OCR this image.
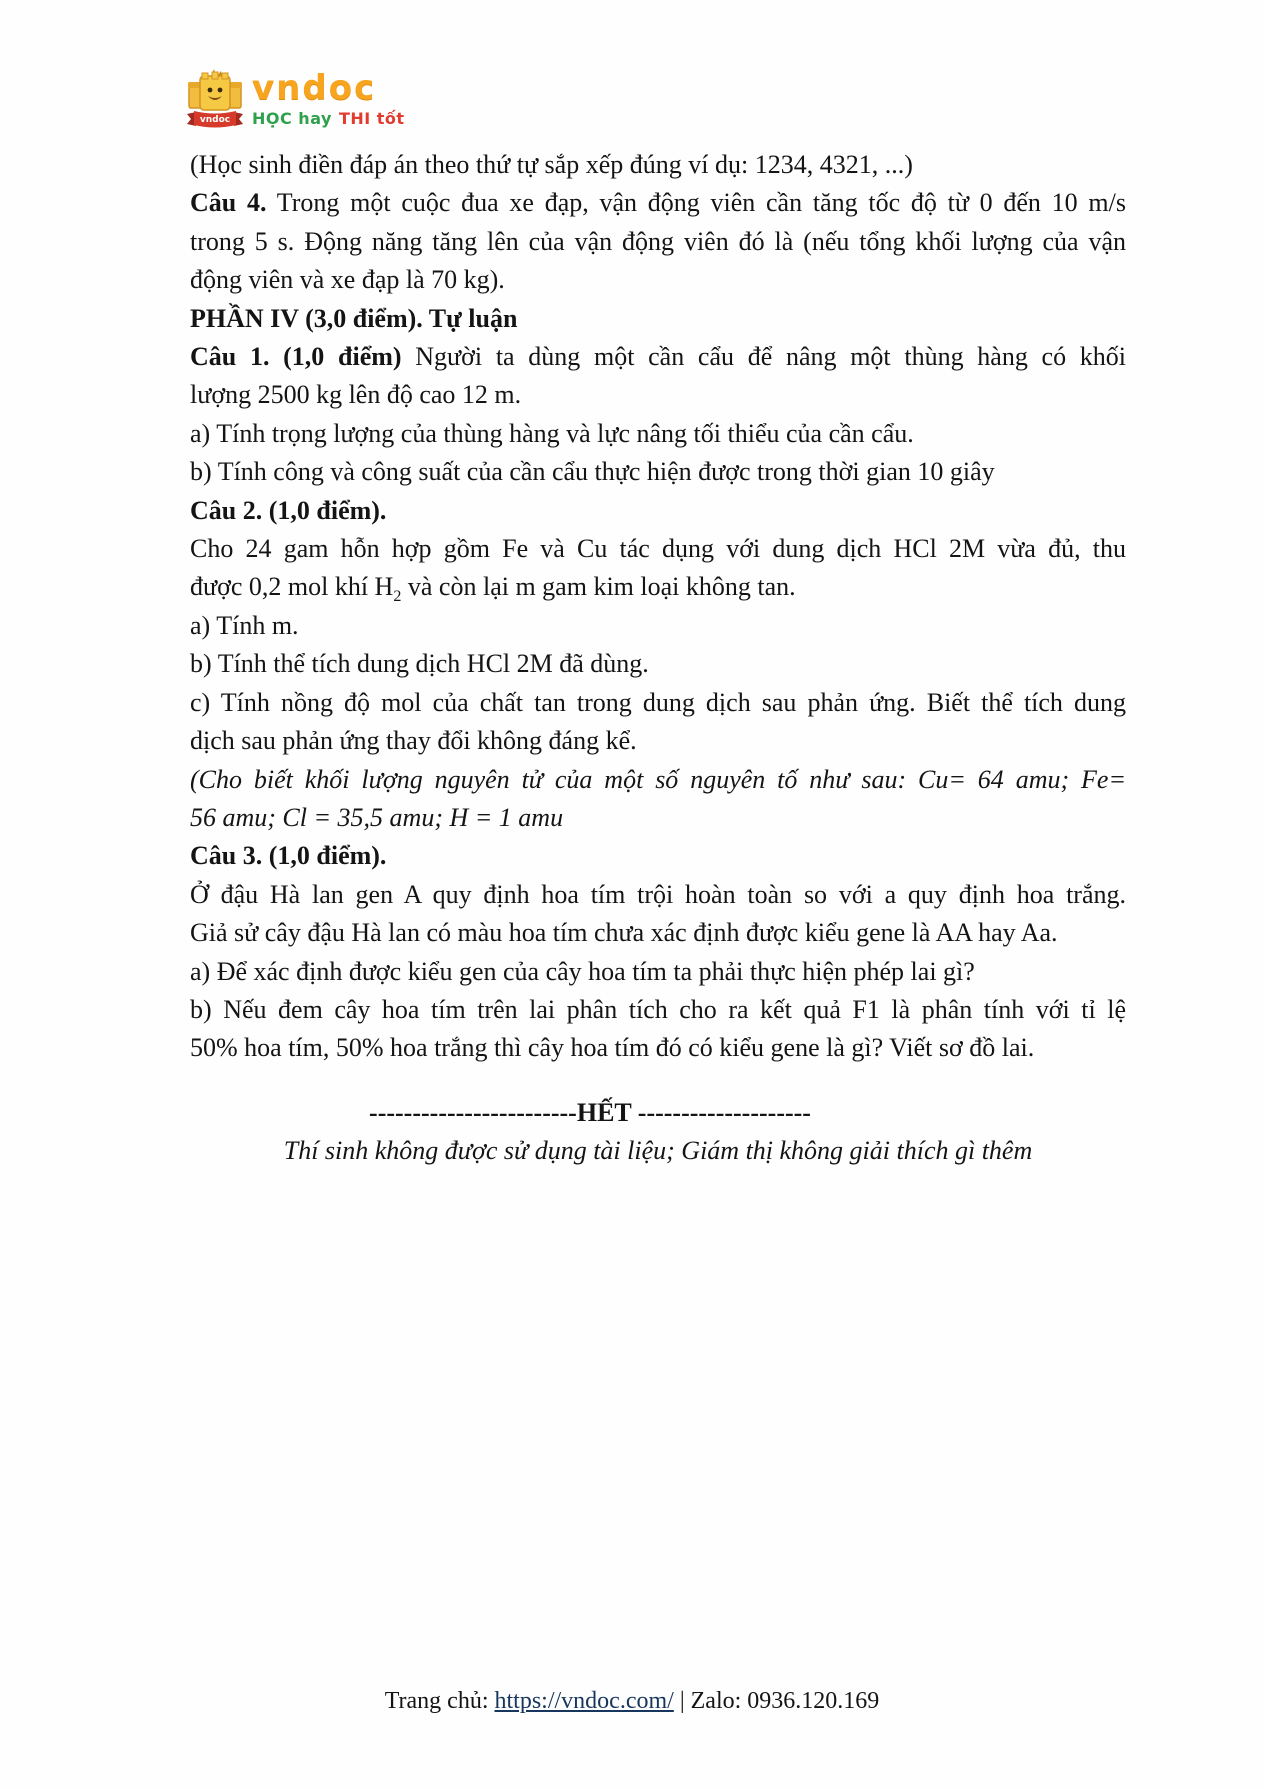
vndoc
vndoc
HỌC hay THI tốt
(Học sinh điền đáp án theo thứ tự sắp xếp đúng ví dụ: 1234, 4321, ...)
Câu 4. Trong một cuộc đua xe đạp, vận động viên cần tăng tốc độ từ 0 đến 10 m/s
trong 5 s. Động năng tăng lên của vận động viên đó là (nếu tổng khối lượng của vận
động viên và xe đạp là 70 kg).
PHẦN IV (3,0 điểm). Tự luận
Câu 1. (1,0 điểm) Người ta dùng một cần cẩu để nâng một thùng hàng có khối
lượng 2500 kg lên độ cao 12 m.
a) Tính trọng lượng của thùng hàng và lực nâng tối thiểu của cần cẩu.
b) Tính công và công suất của cần cẩu thực hiện được trong thời gian 10 giây
Câu 2. (1,0 điểm).
Cho 24 gam hỗn hợp gồm Fe và Cu tác dụng với dung dịch HCl 2M vừa đủ, thu
được 0,2 mol khí $H_2$ và còn lại m gam kim loại không tan.
a) Tính m.
b) Tính thể tích dung dịch HCl 2M đã dùng.
c) Tính nồng độ mol của chất tan trong dung dịch sau phản ứng. Biết thể tích dung
dịch sau phản ứng thay đổi không đáng kể.
(Cho biết khối lượng nguyên tử của một số nguyên tố như sau: Cu= 64 amu; Fe=
56 amu; Cl = 35,5 amu; H = 1 amu
Câu 3. (1,0 điểm).
Ở đậu Hà lan gen A quy định hoa tím trội hoàn toàn so với a quy định hoa trắng.
Giả sử cây đậu Hà lan có màu hoa tím chưa xác định được kiểu gene là AA hay Aa.
a) Để xác định được kiểu gen của cây hoa tím ta phải thực hiện phép lai gì?
b) Nếu đem cây hoa tím trên lai phân tích cho ra kết quả F1 là phân tính với tỉ lệ
50% hoa tím, 50% hoa trắng thì cây hoa tím đó có kiểu gene là gì? Viết sơ đồ lai.
------------------------HẾT --------------------
Thí sinh không được sử dụng tài liệu; Giám thị không giải thích gì thêm
Trang chủ: https://vndoc.com/ | Zalo: 0936.120.169
